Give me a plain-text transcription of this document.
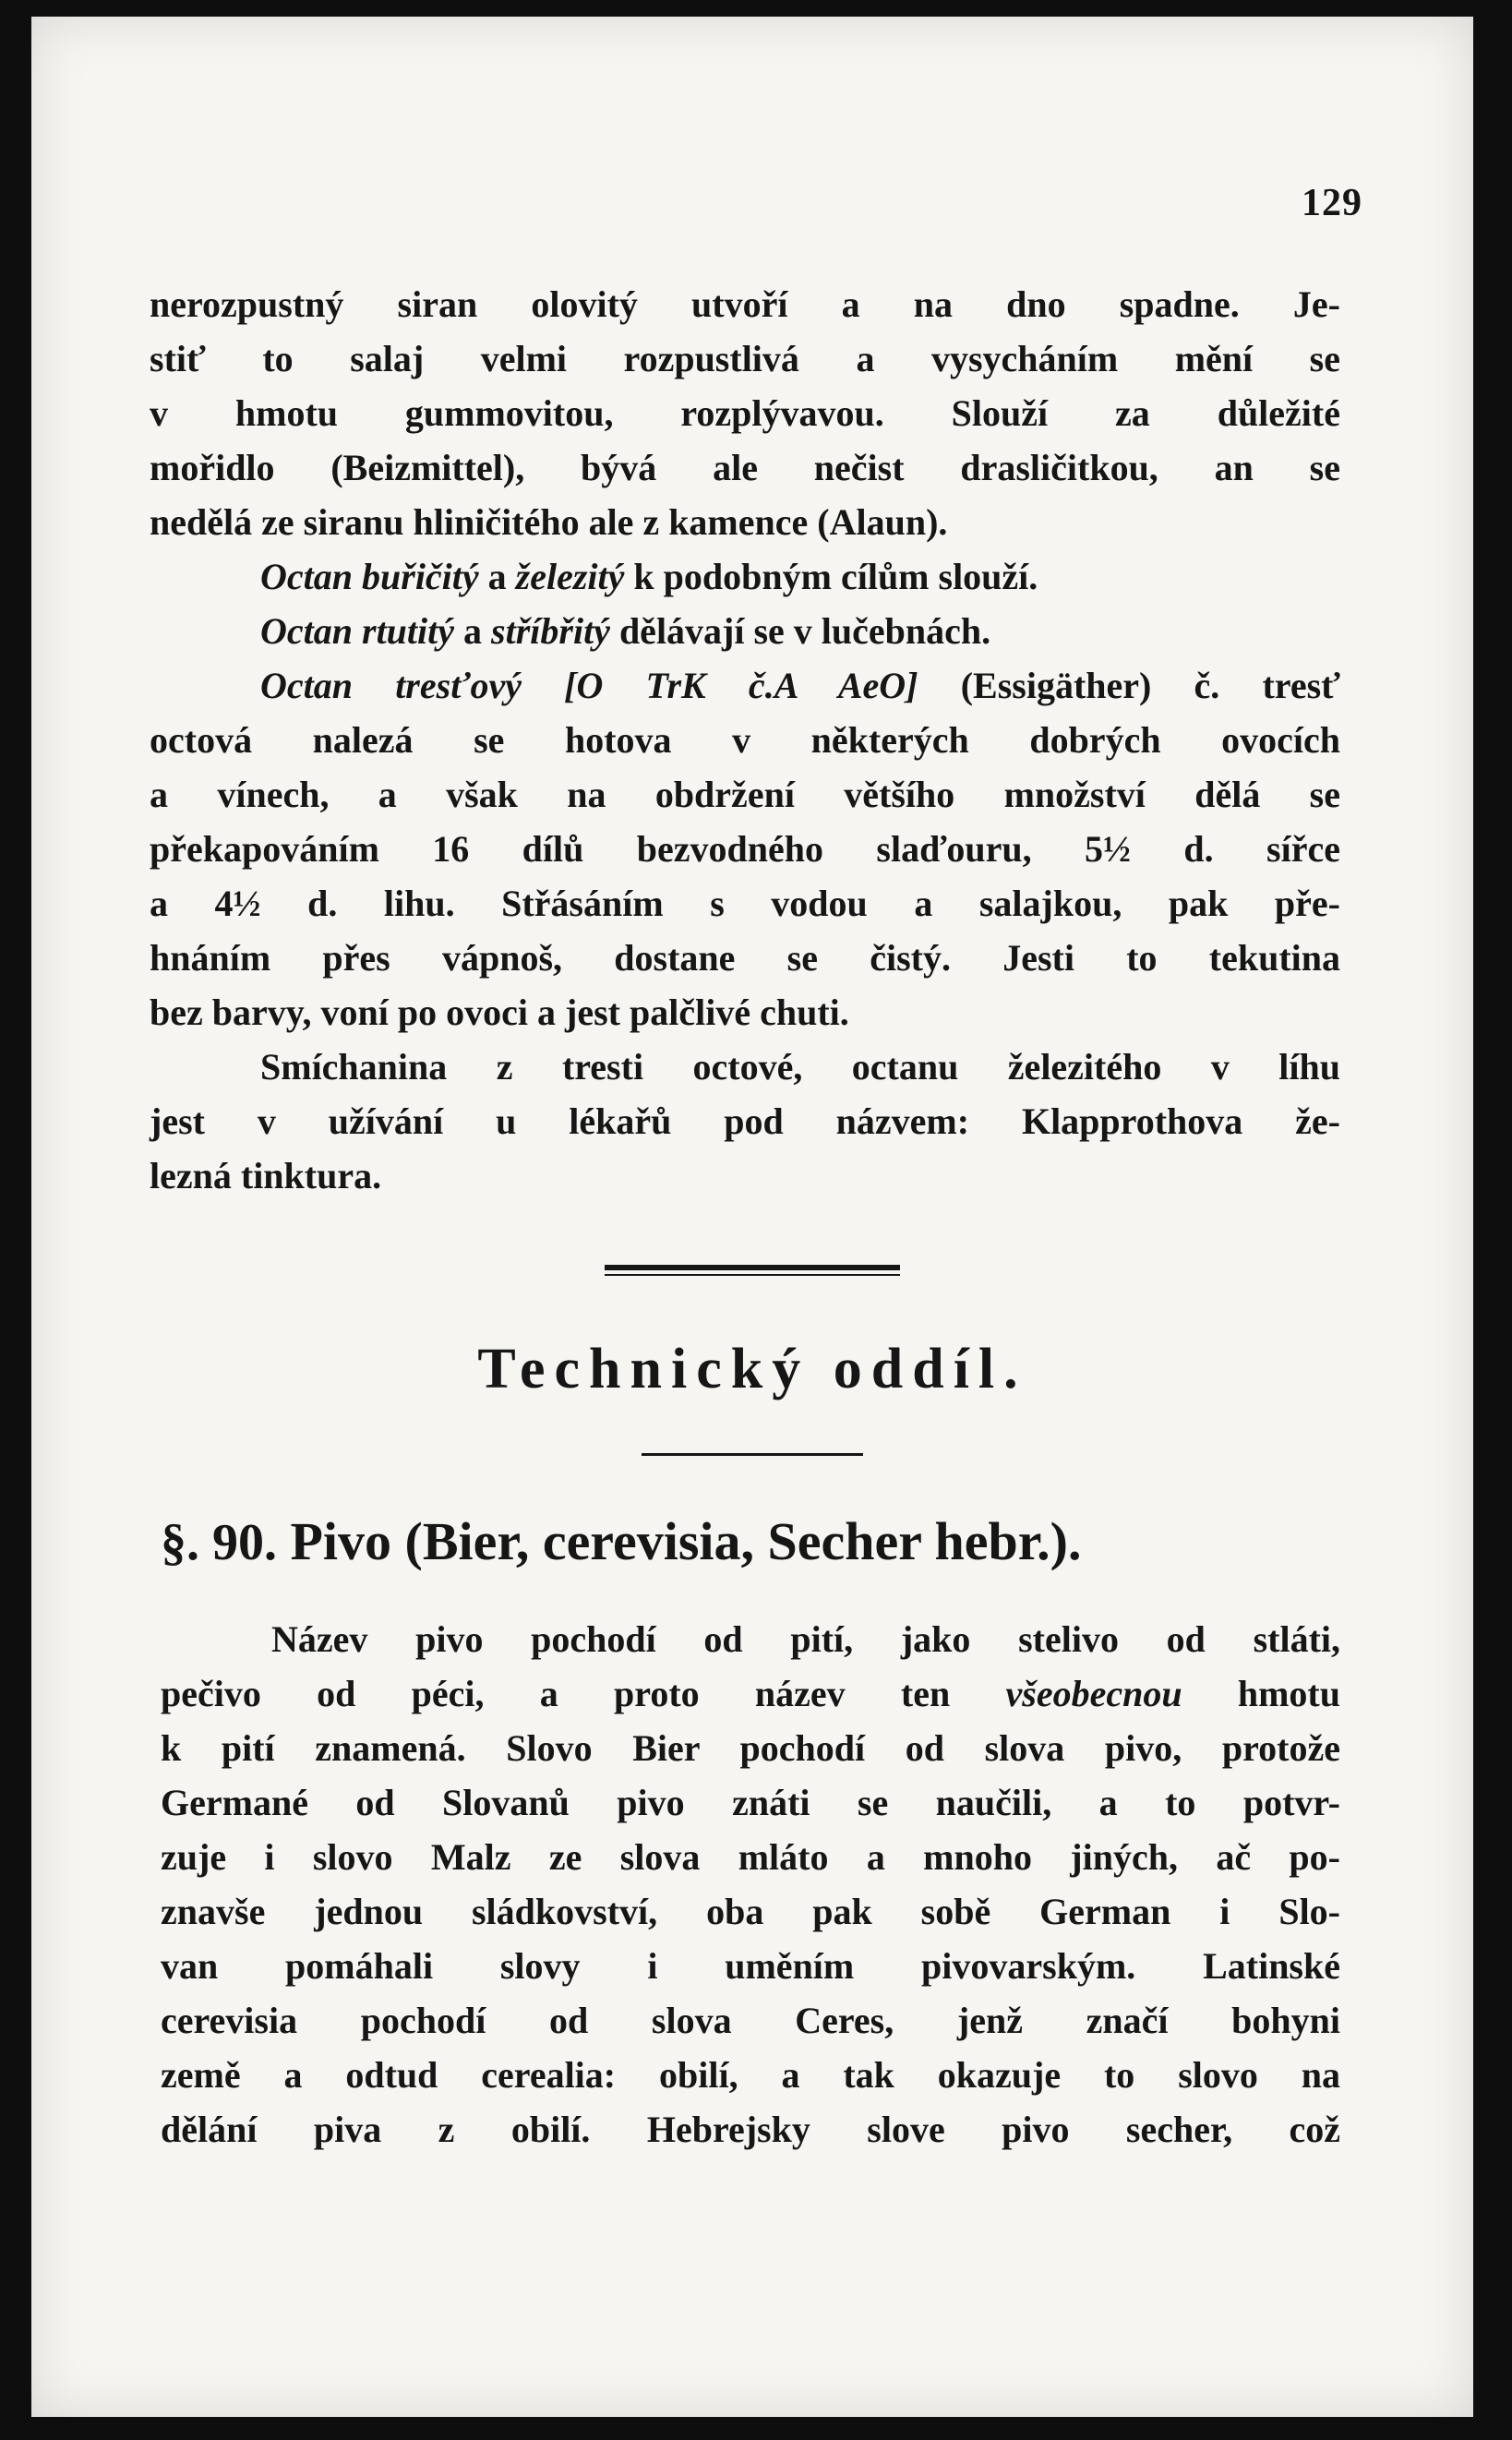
129
nerozpustný siran olovitý utvoří a na dno spadne. Je-
stiť to salaj velmi rozpustlivá a vysycháním mění se
v hmotu gummovitou, rozplývavou. Slouží za důležité
mořidlo (Beizmittel), bývá ale nečist drasličitkou, an se
nedělá ze siranu hliničitého ale z kamence (Alaun).
Octan buřičitý a železitý k podobným cílům slouží.
Octan rtutitý a stříbřitý dělávají se v lučebnách.
Octan tresťový [O TrK č.A AeO] (Essigäther) č. tresť
octová nalezá se hotova v některých dobrých ovocích
a vínech, a však na obdržení většího množství dělá se
překapováním 16 dílů bezvodného slaďouru, 5½ d. sířce
a 4½ d. lihu. Střásáním s vodou a salajkou, pak pře-
hnáním přes vápnoš, dostane se čistý. Jesti to tekutina
bez barvy, voní po ovoci a jest palčlivé chuti.
Smíchanina z tresti octové, octanu železitého v líhu
jest v užívání u lékařů pod názvem: Klapprothova že-
lezná tinktura.
Technický oddíl.
§. 90. Pivo (Bier, cerevisia, Secher hebr.).
Název pivo pochodí od pití, jako stelivo od stláti,
pečivo od péci, a proto název ten všeobecnou hmotu
k pití znamená. Slovo Bier pochodí od slova pivo, protože
Germané od Slovanů pivo znáti se naučili, a to potvr-
zuje i slovo Malz ze slova mláto a mnoho jiných, ač po-
znavše jednou sládkovství, oba pak sobě German i Slo-
van pomáhali slovy i uměním pivovarským. Latinské
cerevisia pochodí od slova Ceres, jenž značí bohyni
země a odtud cerealia: obilí, a tak okazuje to slovo na
dělání piva z obilí. Hebrejsky slove pivo secher, což
